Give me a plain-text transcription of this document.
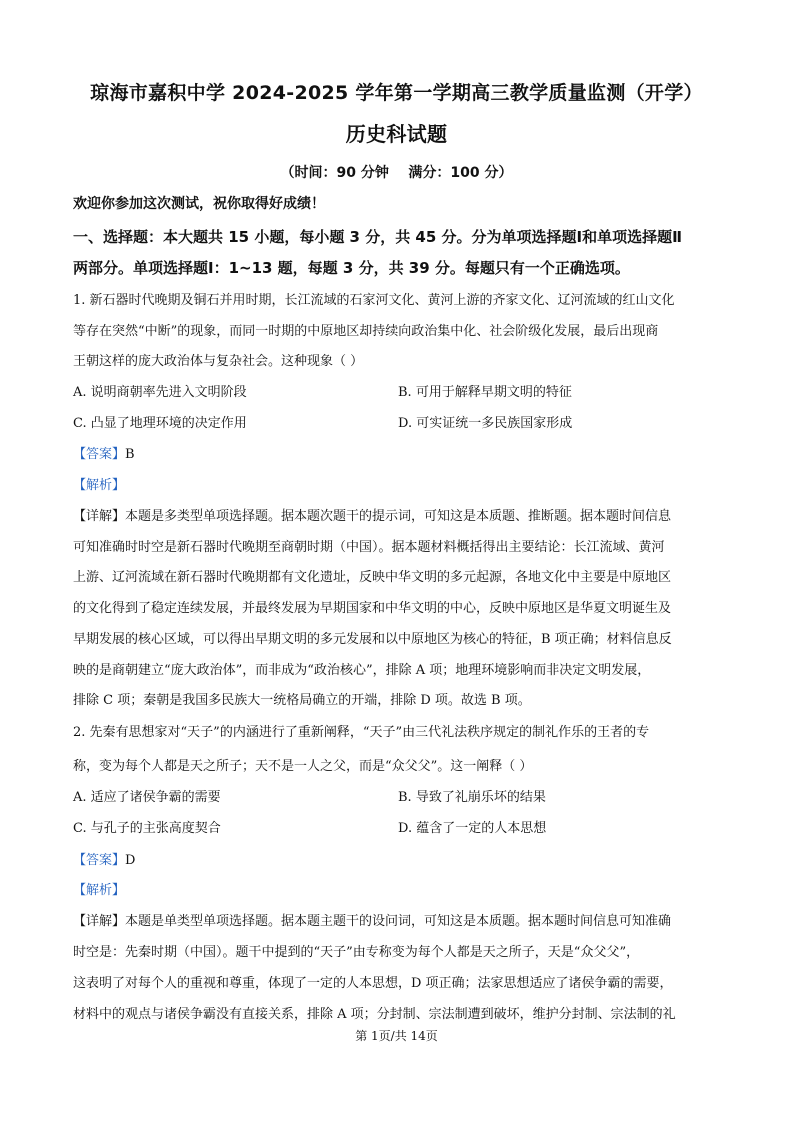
琼海市嘉积中学 2024-2025 学年第一学期高三教学质量监测（开学）
历史科试题
（时间：90 分钟    满分：100 分）
欢迎你参加这次测试，祝你取得好成绩！
一、选择题：本大题共 15 小题，每小题 3 分，共 45 分。分为单项选择题Ⅰ和单项选择题Ⅱ
两部分。单项选择题Ⅰ：1~13 题，每题 3 分，共 39 分。每题只有一个正确选项。
1. 新石器时代晚期及铜石并用时期，长江流域的石家河文化、黄河上游的齐家文化、辽河流域的红山文化
等存在突然“中断”的现象，而同一时期的中原地区却持续向政治集中化、社会阶级化发展，最后出现商
王朝这样的庞大政治体与复杂社会。这种现象（ ）
A. 说明商朝率先进入文明阶段	B. 可用于解释早期文明的特征
C. 凸显了地理环境的决定作用	D. 可实证统一多民族国家形成
【答案】B
【解析】
【详解】本题是多类型单项选择题。据本题次题干的提示词，可知这是本质题、推断题。据本题时间信息
可知准确时时空是新石器时代晚期至商朝时期（中国）。据本题材料概括得出主要结论：长江流域、黄河
上游、辽河流域在新石器时代晚期都有文化遗址，反映中华文明的多元起源，各地文化中主要是中原地区
的文化得到了稳定连续发展，并最终发展为早期国家和中华文明的中心，反映中原地区是华夏文明诞生及
早期发展的核心区域，可以得出早期文明的多元发展和以中原地区为核心的特征，B 项正确；材料信息反
映的是商朝建立“庞大政治体”，而非成为“政治核心”，排除 A 项；地理环境影响而非决定文明发展，
排除 C 项；秦朝是我国多民族大一统格局确立的开端，排除 D 项。故选 B 项。
2. 先秦有思想家对“天子”的内涵进行了重新阐释，“天子”由三代礼法秩序规定的制礼作乐的王者的专
称，变为每个人都是天之所子；天不是一人之父，而是“众父父”。这一阐释（ ）
A. 适应了诸侯争霸的需要	B. 导致了礼崩乐坏的结果
C. 与孔子的主张高度契合	D. 蕴含了一定的人本思想
【答案】D
【解析】
【详解】本题是单类型单项选择题。据本题主题干的设问词，可知这是本质题。据本题时间信息可知准确
时空是：先秦时期（中国）。题干中提到的“天子”由专称变为每个人都是天之所子，天是“众父父”，
这表明了对每个人的重视和尊重，体现了一定的人本思想，D 项正确；法家思想适应了诸侯争霸的需要，
材料中的观点与诸侯争霸没有直接关系，排除 A 项；分封制、宗法制遭到破坏，维护分封制、宗法制的礼
第 1页/共 14页
